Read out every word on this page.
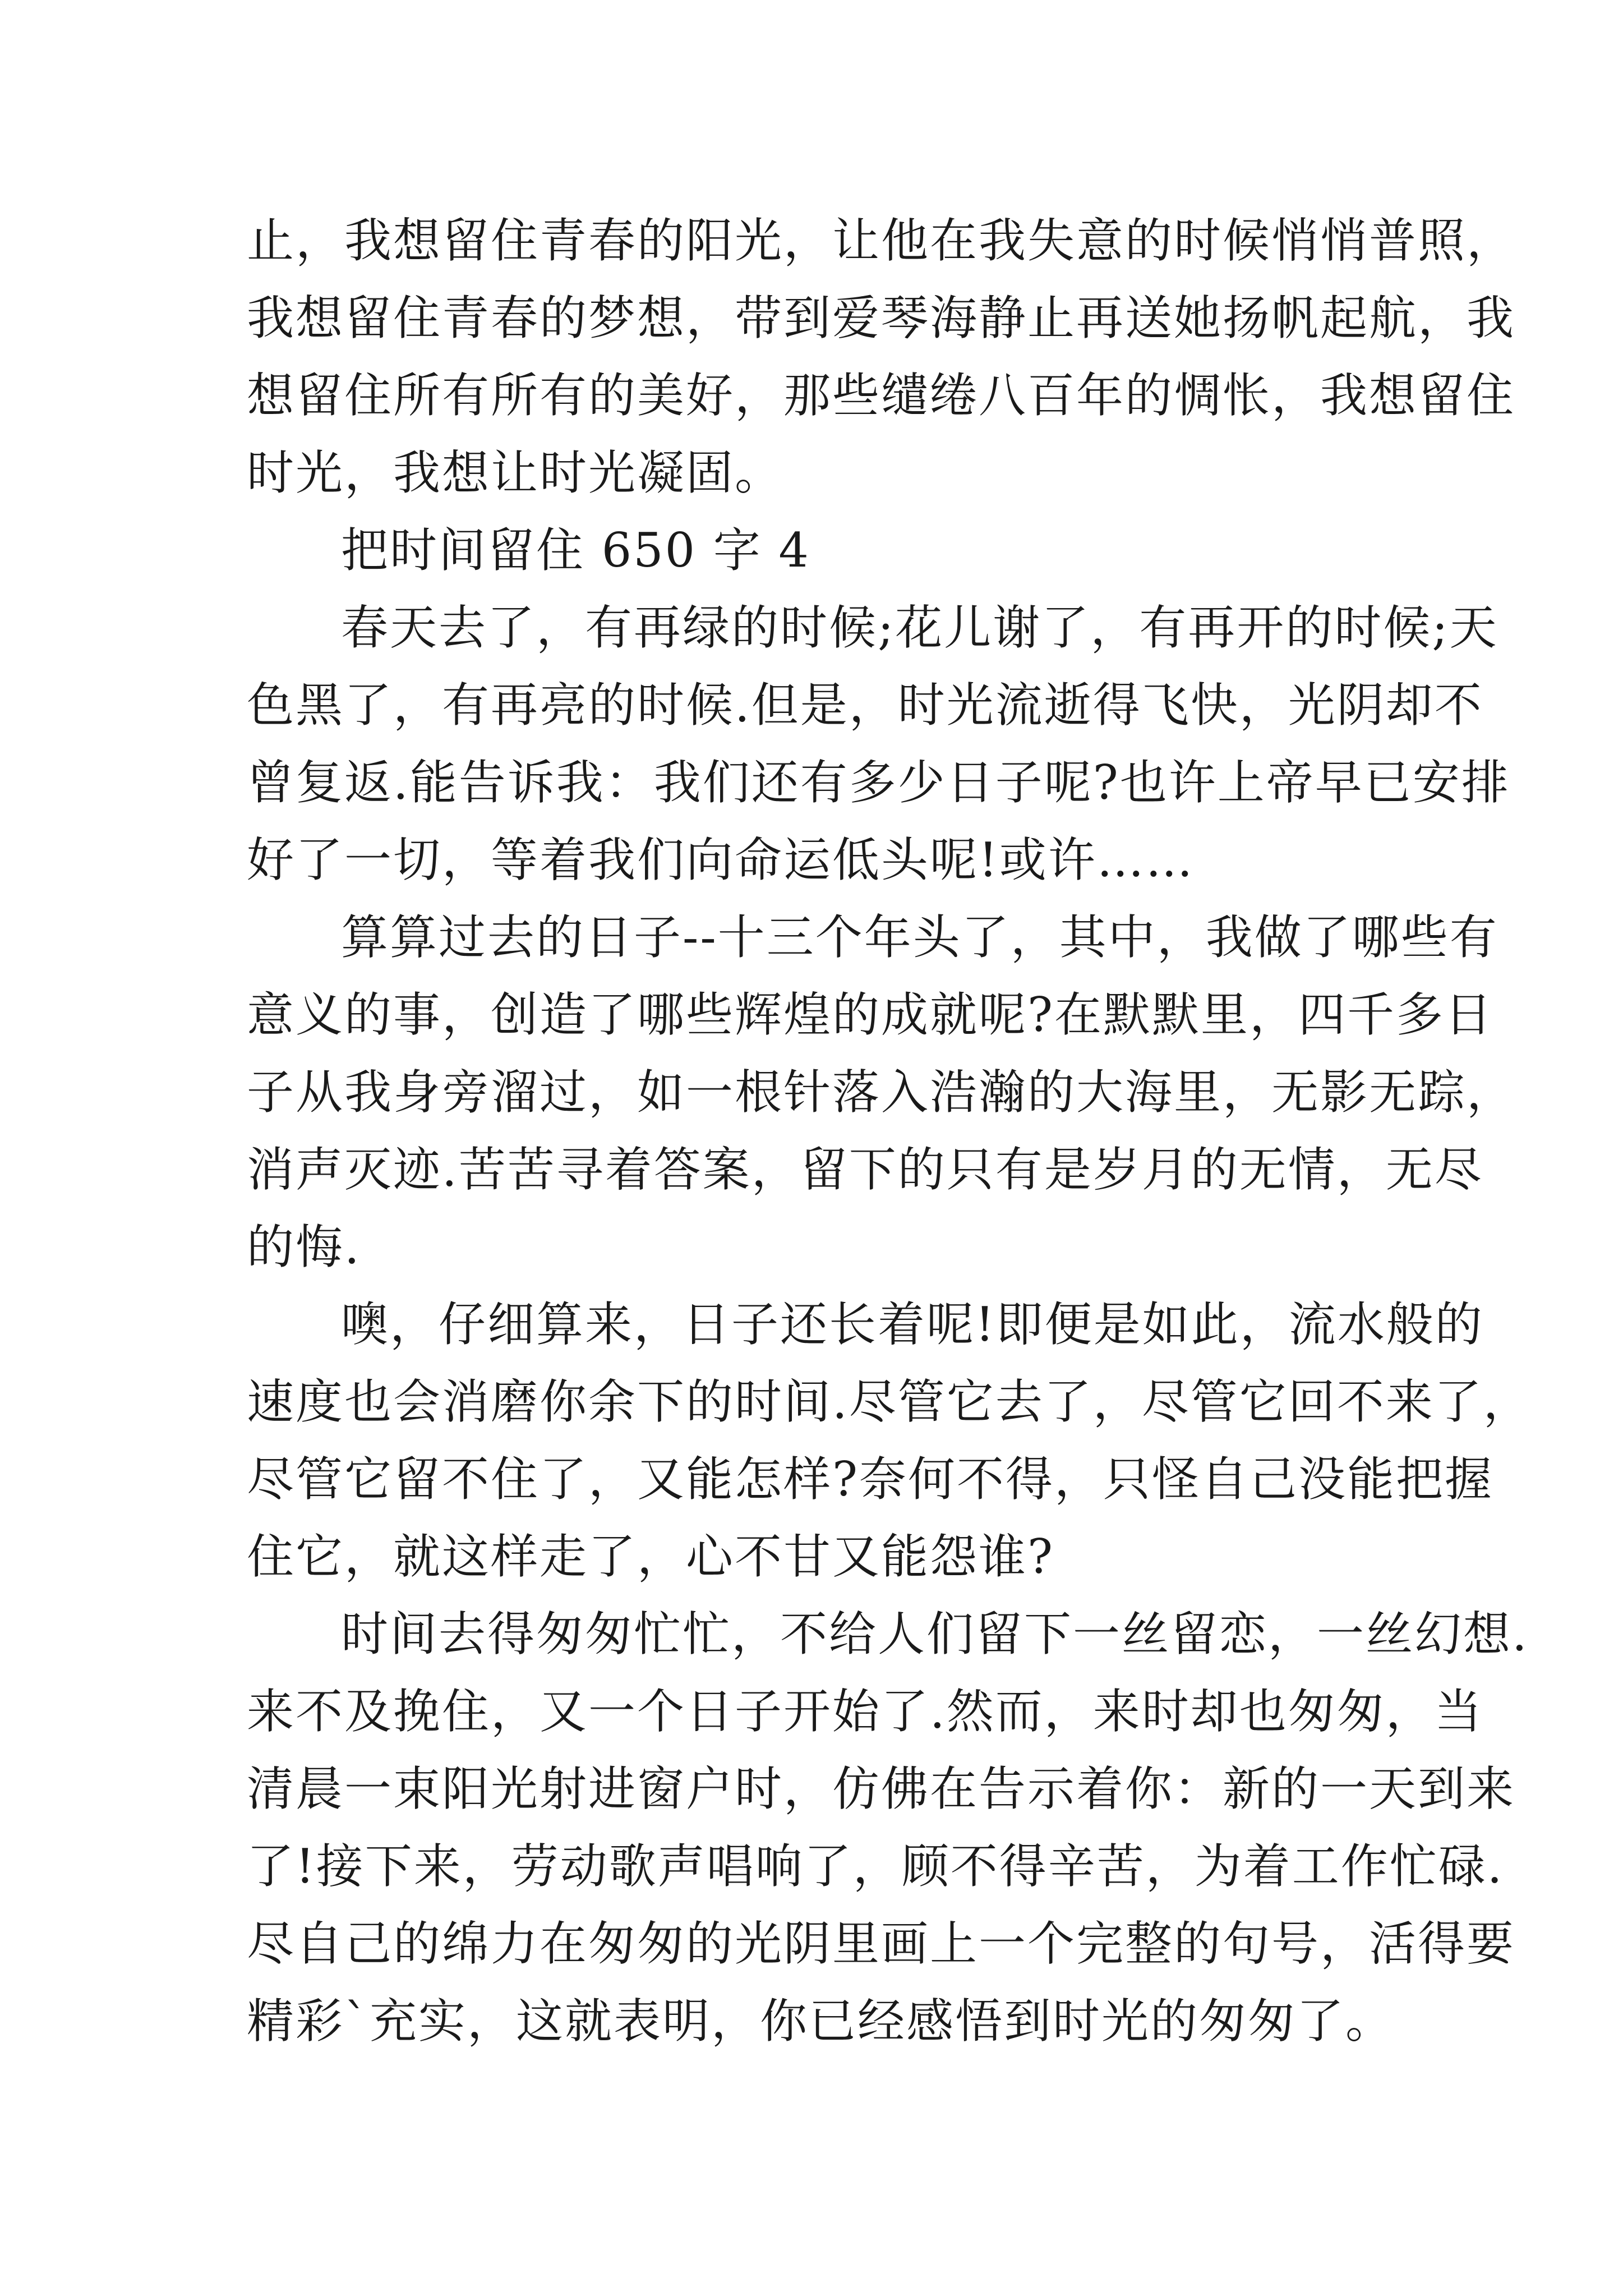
止，我想留住青春的阳光，让他在我失意的时候悄悄普照，
我想留住青春的梦想，带到爱琴海静止再送她扬帆起航，我
想留住所有所有的美好，那些缱绻八百年的惆怅，我想留住
时光，我想让时光凝固。

把时间留住 650 字 4

春天去了，有再绿的时候;花儿谢了，有再开的时候;天
色黑了，有再亮的时候.但是，时光流逝得飞快，光阴却不
曾复返.能告诉我：我们还有多少日子呢?也许上帝早已安排
好了一切，等着我们向命运低头呢!或许……

算算过去的日子--十三个年头了，其中，我做了哪些有
意义的事，创造了哪些辉煌的成就呢?在默默里，四千多日
子从我身旁溜过，如一根针落入浩瀚的大海里，无影无踪，
消声灭迹.苦苦寻着答案，留下的只有是岁月的无情，无尽
的悔.

噢，仔细算来，日子还长着呢!即便是如此，流水般的
速度也会消磨你余下的时间.尽管它去了，尽管它回不来了，
尽管它留不住了，又能怎样?奈何不得，只怪自己没能把握
住它，就这样走了，心不甘又能怨谁?

时间去得匆匆忙忙，不给人们留下一丝留恋，一丝幻想.
来不及挽住，又一个日子开始了.然而，来时却也匆匆，当
清晨一束阳光射进窗户时，仿佛在告示着你：新的一天到来
了!接下来，劳动歌声唱响了，顾不得辛苦，为着工作忙碌.
尽自己的绵力在匆匆的光阴里画上一个完整的句号，活得要
精彩`充实，这就表明，你已经感悟到时光的匆匆了。
